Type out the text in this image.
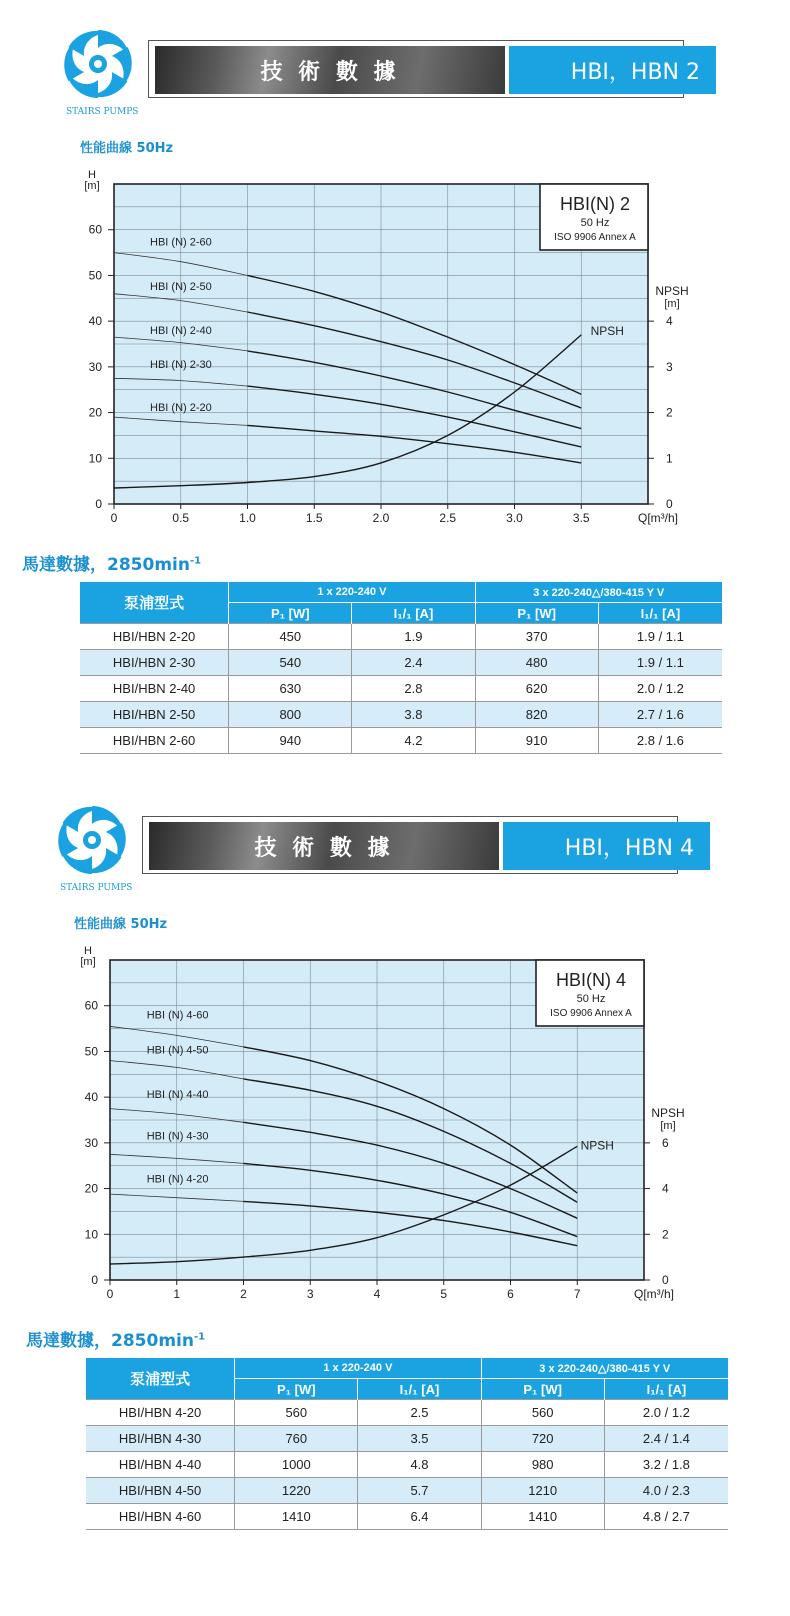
STAIRS PUMPS
技 術 數 據	HBI，HBN 2
性能曲線 50Hz
0	0.5	1.0	1.5	2.0	2.5	3.0	3.5	Q[m³/h]
0
10
20
30
40
50
60
H
[m]
0
1
2
3
4
NPSH
[m]
HBI (N) 2-60
HBI (N) 2-50
HBI (N) 2-40
HBI (N) 2-30
HBI (N) 2-20
NPSH
HBI(N) 2
50 Hz
ISO 9906 Annex A
馬達數據，$2850\min^{-1}$
泵浦型式	1 x 220-240 V		3 x 220-240△/380-415 Y V	
	P₁ [W]	I₁/₁ [A]	P₁ [W]	I₁/₁ [A]
HBI/HBN 2-20	450	1.9	370	1.9 / 1.1
HBI/HBN 2-30	540	2.4	480	1.9 / 1.1
HBI/HBN 2-40	630	2.8	620	2.0 / 1.2
HBI/HBN 2-50	800	3.8	820	2.7 / 1.6
HBI/HBN 2-60	940	4.2	910	2.8 / 1.6
STAIRS PUMPS
技 術 數 據	HBI，HBN 4
性能曲線 50Hz
0	1	2	3	4	5	6	7	Q[m³/h]
0
10
20
30
40
50
60
H
[m]
0
2
4
6
NPSH
[m]
HBI (N) 4-60
HBI (N) 4-50
HBI (N) 4-40
HBI (N) 4-30
HBI (N) 4-20
NPSH
HBI(N) 4
50 Hz
ISO 9906 Annex A
馬達數據，$2850\min^{-1}$
泵浦型式	1 x 220-240 V		3 x 220-240△/380-415 Y V	
	P₁ [W]	I₁/₁ [A]	P₁ [W]	I₁/₁ [A]
HBI/HBN 4-20	560	2.5	560	2.0 / 1.2
HBI/HBN 4-30	760	3.5	720	2.4 / 1.4
HBI/HBN 4-40	1000	4.8	980	3.2 / 1.8
HBI/HBN 4-50	1220	5.7	1210	4.0 / 2.3
HBI/HBN 4-60	1410	6.4	1410	4.8 / 2.7
